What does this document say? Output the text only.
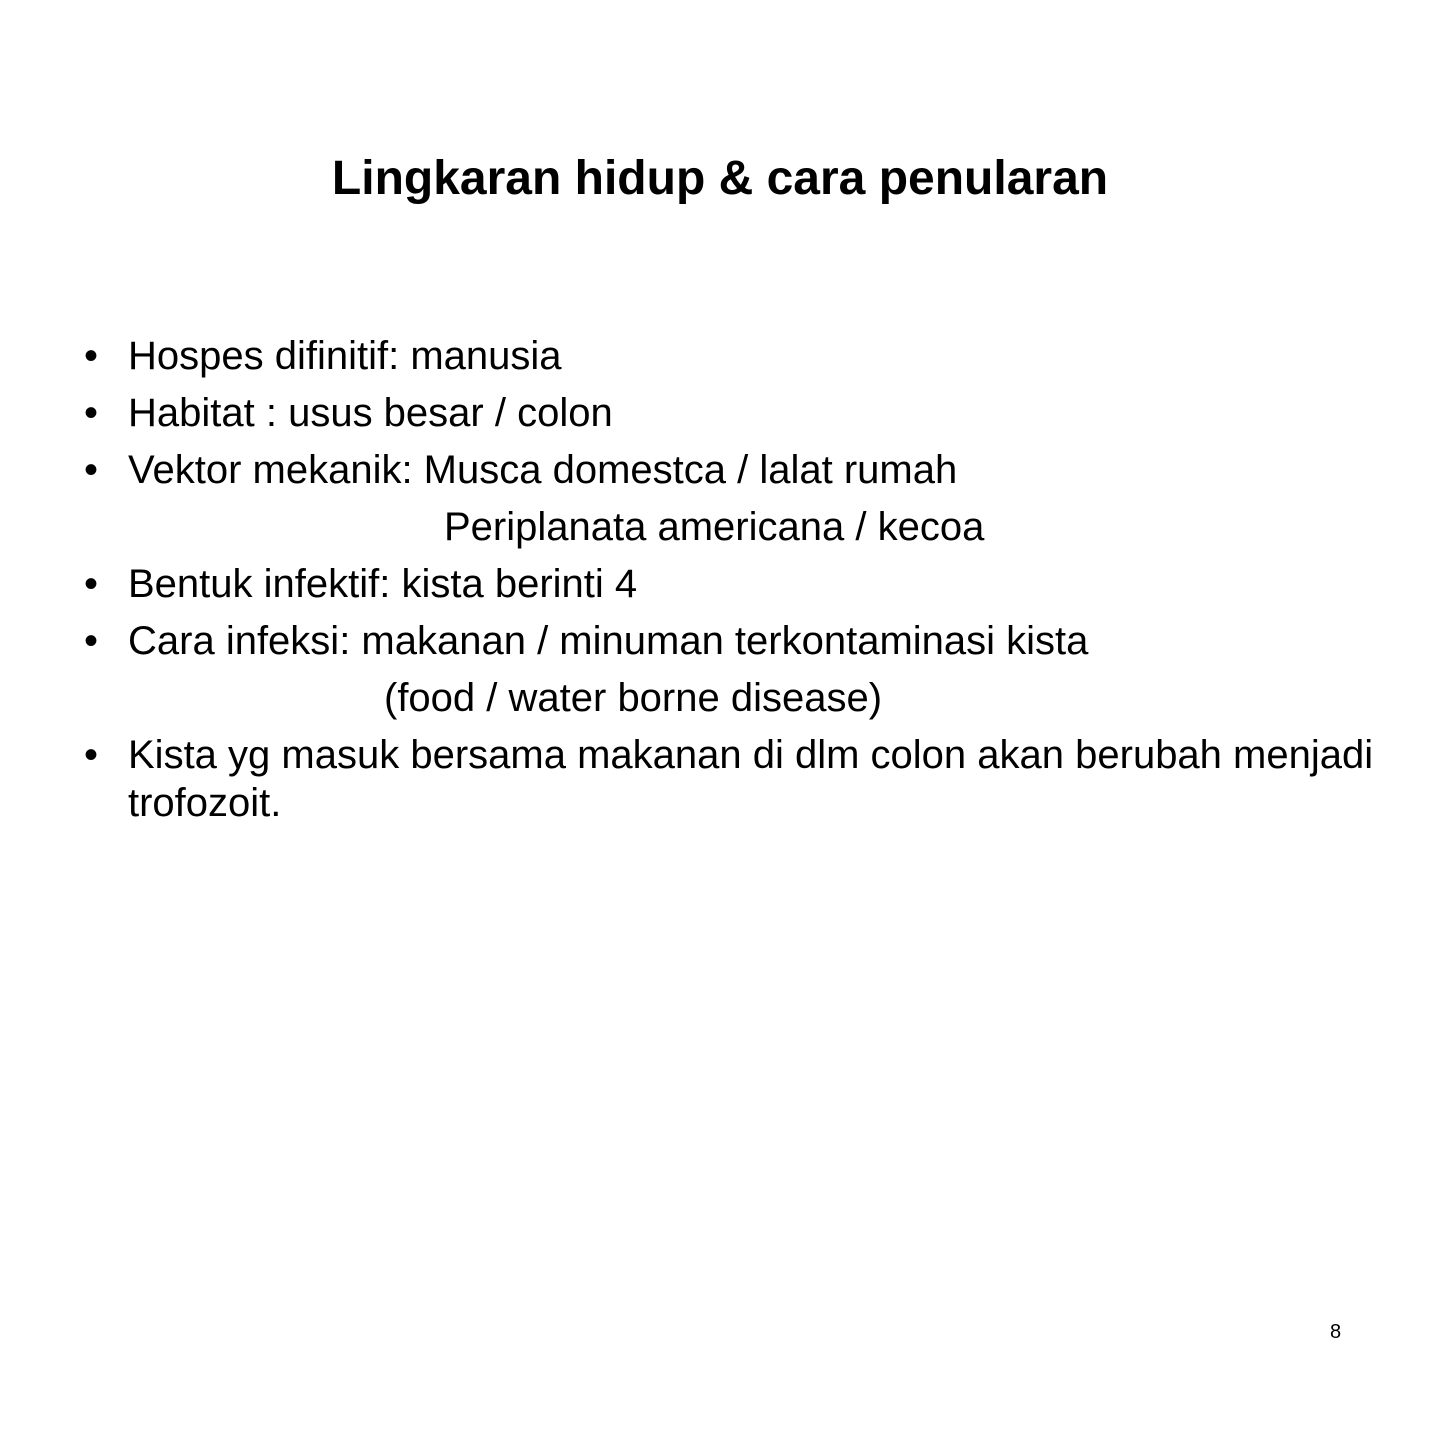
Lingkaran hidup & cara penularan
• Hospes difinitif: manusia
• Habitat : usus besar / colon
• Vektor mekanik: Musca domestca / lalat rumah
Periplanata americana / kecoa
• Bentuk infektif: kista berinti 4
• Cara infeksi: makanan / minuman terkontaminasi kista
(food / water borne disease)
• Kista yg masuk bersama makanan di dlm colon akan berubah menjadi trofozoit.
8
